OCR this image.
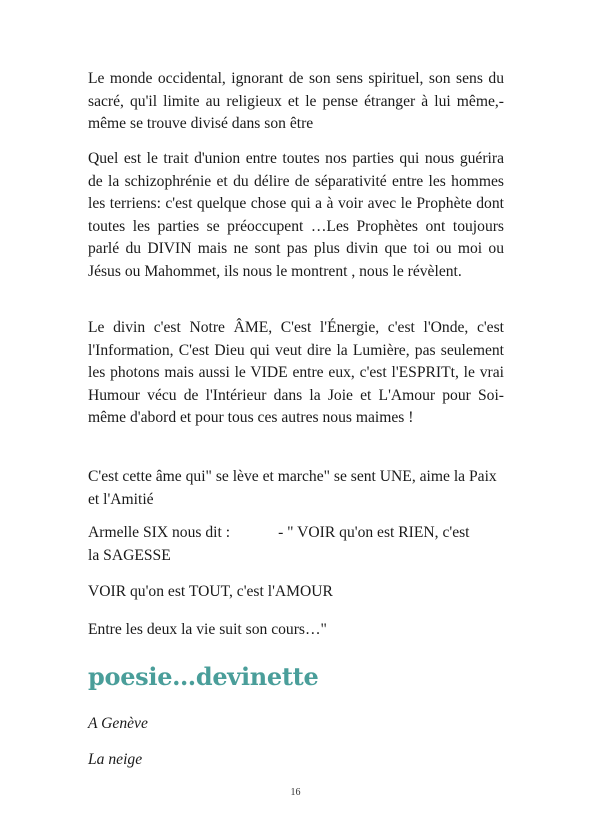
Le monde occidental, ignorant de son sens spirituel, son sens du sacré, qu'il limite au religieux et le pense étranger à lui même,-même se trouve divisé dans son être

Quel est le trait d'union entre toutes nos parties qui nous guérira de la schizophrénie et du délire de séparativité entre les hommes les terriens: c'est quelque chose qui a à voir avec le Prophète dont toutes les parties se préoccupent …Les Prophètes ont toujours parlé du DIVIN mais ne sont pas plus divin que toi ou moi ou Jésus ou Mahommet, ils nous le montrent , nous le révèlent.

Le divin c'est Notre ÂME, C'est l'Énergie, c'est l'Onde, c'est l'Information, C'est Dieu qui veut dire la Lumière, pas seulement les photons mais aussi le VIDE entre eux, c'est l'ESPRITt, le vrai Humour vécu de l'Intérieur dans la Joie et L'Amour pour Soi-même d'abord et pour tous ces autres nous maimes !

C'est cette âme qui" se lève et marche" se sent UNE, aime la Paix et l'Amitié

Armelle SIX nous dit :	- " VOIR qu'on est RIEN, c'est
la SAGESSE

VOIR qu'on est TOUT, c'est l'AMOUR

Entre les deux la vie suit son cours…"

poesie…devinette

A Genève

La neige

16
